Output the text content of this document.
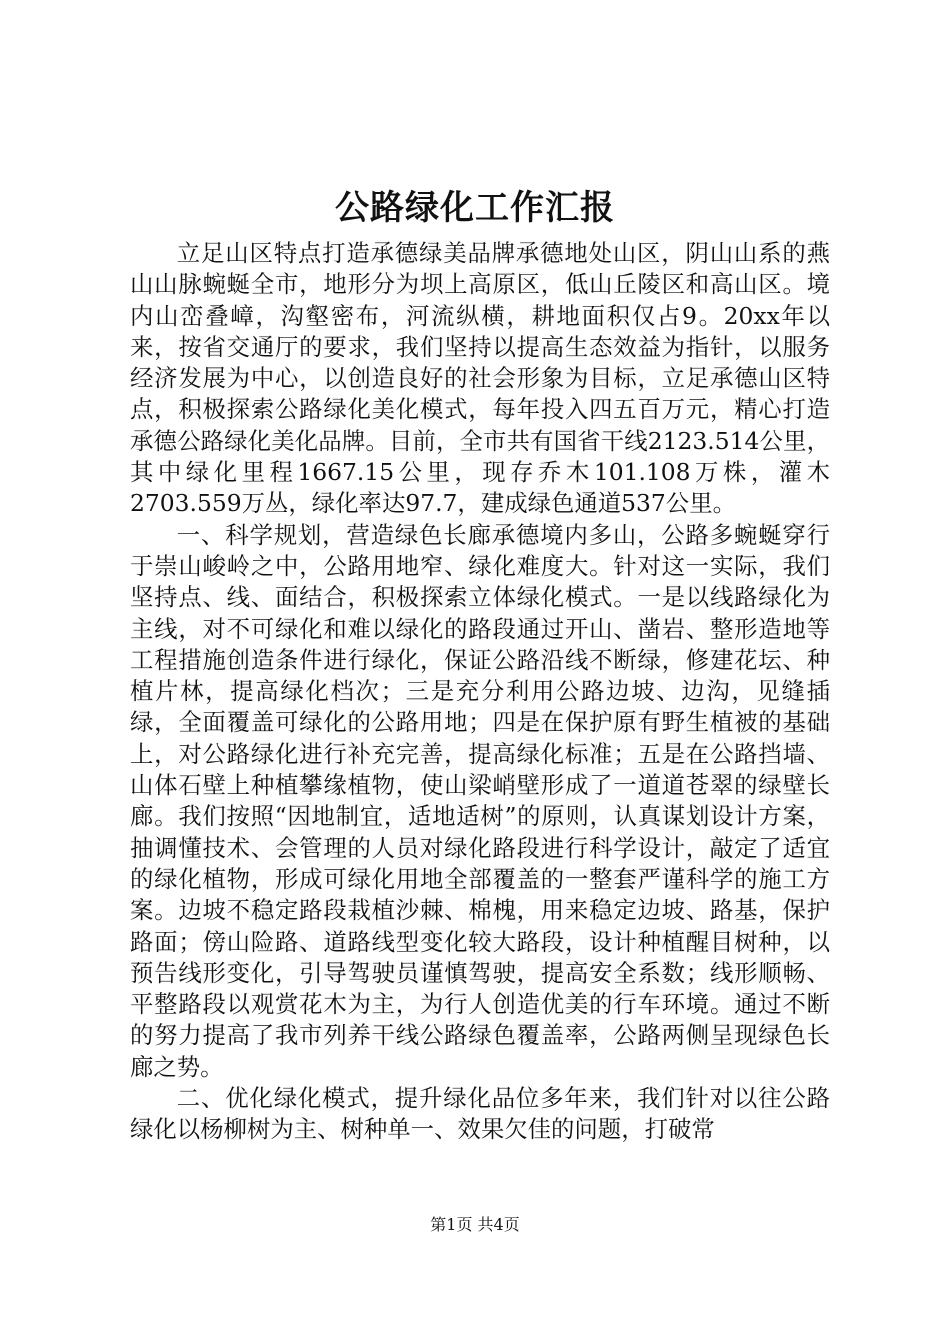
公路绿化工作汇报

立足山区特点打造承德绿美品牌承德地处山区，阴山山系的燕山山脉蜿蜒全市，地形分为坝上高原区，低山丘陵区和高山区。境内山峦叠嶂，沟壑密布，河流纵横，耕地面积仅占9。20xx年以来，按省交通厅的要求，我们坚持以提高生态效益为指针，以服务经济发展为中心，以创造良好的社会形象为目标，立足承德山区特点，积极探索公路绿化美化模式，每年投入四五百万元，精心打造承德公路绿化美化品牌。目前，全市共有国省干线2123.514公里，其中绿化里程1667.15公里，现存乔木101.108万株，灌木2703.559万丛，绿化率达97.7，建成绿色通道537公里。

一、科学规划，营造绿色长廊承德境内多山，公路多蜿蜒穿行于崇山峻岭之中，公路用地窄、绿化难度大。针对这一实际，我们坚持点、线、面结合，积极探索立体绿化模式。一是以线路绿化为主线，对不可绿化和难以绿化的路段通过开山、凿岩、整形造地等工程措施创造条件进行绿化，保证公路沿线不断绿，修建花坛、种植片林，提高绿化档次；三是充分利用公路边坡、边沟，见缝插绿，全面覆盖可绿化的公路用地；四是在保护原有野生植被的基础上，对公路绿化进行补充完善，提高绿化标准；五是在公路挡墙、山体石壁上种植攀缘植物，使山梁峭壁形成了一道道苍翠的绿壁长廊。我们按照“因地制宜，适地适树”的原则，认真谋划设计方案，抽调懂技术、会管理的人员对绿化路段进行科学设计，敲定了适宜的绿化植物，形成可绿化用地全部覆盖的一整套严谨科学的施工方案。边坡不稳定路段栽植沙棘、棉槐，用来稳定边坡、路基，保护路面；傍山险路、道路线型变化较大路段，设计种植醒目树种，以预告线形变化，引导驾驶员谨慎驾驶，提高安全系数；线形顺畅、平整路段以观赏花木为主，为行人创造优美的行车环境。通过不断的努力提高了我市列养干线公路绿色覆盖率，公路两侧呈现绿色长廊之势。

二、优化绿化模式，提升绿化品位多年来，我们针对以往公路绿化以杨柳树为主、树种单一、效果欠佳的问题，打破常

第1页 共4页
